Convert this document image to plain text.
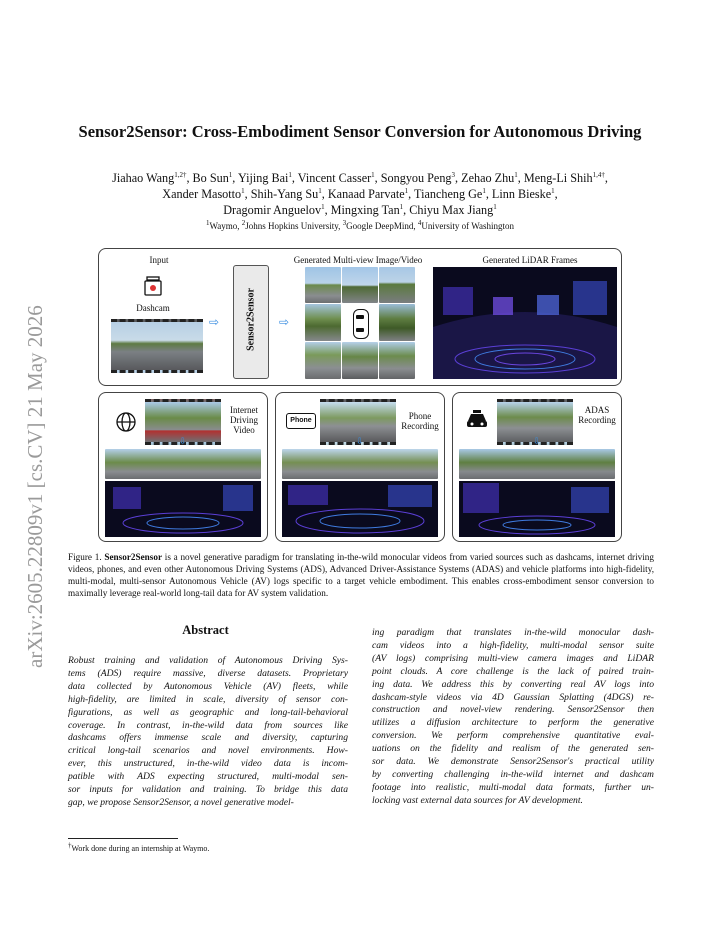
arXiv:2605.22809v1 [cs.CV] 21 May 2026
Sensor2Sensor: Cross-Embodiment Sensor Conversion for Autonomous Driving
Jiahao Wang$^{1,2\dagger}$, Bo Sun$^1$, Yijing Bai$^1$, Vincent Casser$^1$, Songyou Peng$^3$, Zehao Zhu$^1$, Meng-Li Shih$^{1,4\dagger}$,
Xander Masotto$^1$, Shih-Yang Su$^1$, Kanaad Parvate$^1$, Tiancheng Ge$^1$, Linn Bieske$^1$,
Dragomir Anguelov$^1$, Mingxing Tan$^1$, Chiyu Max Jiang$^1$
$^1$Waymo, $^2$Johns Hopkins University, $^3$Google DeepMind, $^4$University of Washington
Input
Dashcam
⇨	Sensor2Sensor ⇨
Generated Multi-view Image/Video	Generated LiDAR Frames
Internet Driving Video
⇩
Phone	Phone Recording
⇩
ADAS Recording
⇩
Figure 1. Sensor2Sensor is a novel generative paradigm for translating in-the-wild monocular videos from varied sources such as dashcams, internet driving videos, phones, and even other Autonomous Driving Systems (ADS), Advanced Driver-Assistance Systems (ADAS) and vehicle platforms into high-fidelity, multi-modal, multi-sensor Autonomous Vehicle (AV) logs specific to a target vehicle embodiment. This enables cross-embodiment sensor conversion to maximally leverage real-world long-tail data for AV system validation.
Abstract
Robust training and validation of Autonomous Driving Sys-
tems (ADS) require massive, diverse datasets. Proprietary
data collected by Autonomous Vehicle (AV) fleets, while
high-fidelity, are limited in scale, diversity of sensor con-
figurations, as well as geographic and long-tail-behavioral
coverage. In contrast, in-the-wild data from sources like
dashcams offers immense scale and diversity, capturing
critical long-tail scenarios and novel environments. How-
ever, this unstructured, in-the-wild video data is incom-
patible with ADS expecting structured, multi-modal sen-
sor inputs for validation and training. To bridge this data
gap, we propose Sensor2Sensor, a novel generative model-
ing paradigm that translates in-the-wild monocular dash-
cam videos into a high-fidelity, multi-modal sensor suite
(AV logs) comprising multi-view camera images and LiDAR
point clouds. A core challenge is the lack of paired train-
ing data. We address this by converting real AV logs into
dashcam-style videos via 4D Gaussian Splatting (4DGS) re-
construction and novel-view rendering. Sensor2Sensor then
utilizes a diffusion architecture to perform the generative
conversion. We perform comprehensive quantitative eval-
uations on the fidelity and realism of the generated sen-
sor data. We demonstrate Sensor2Sensor's practical utility
by converting challenging in-the-wild internet and dashcam
footage into realistic, multi-modal data formats, further un-
locking vast external data sources for AV development.
†Work done during an internship at Waymo.
